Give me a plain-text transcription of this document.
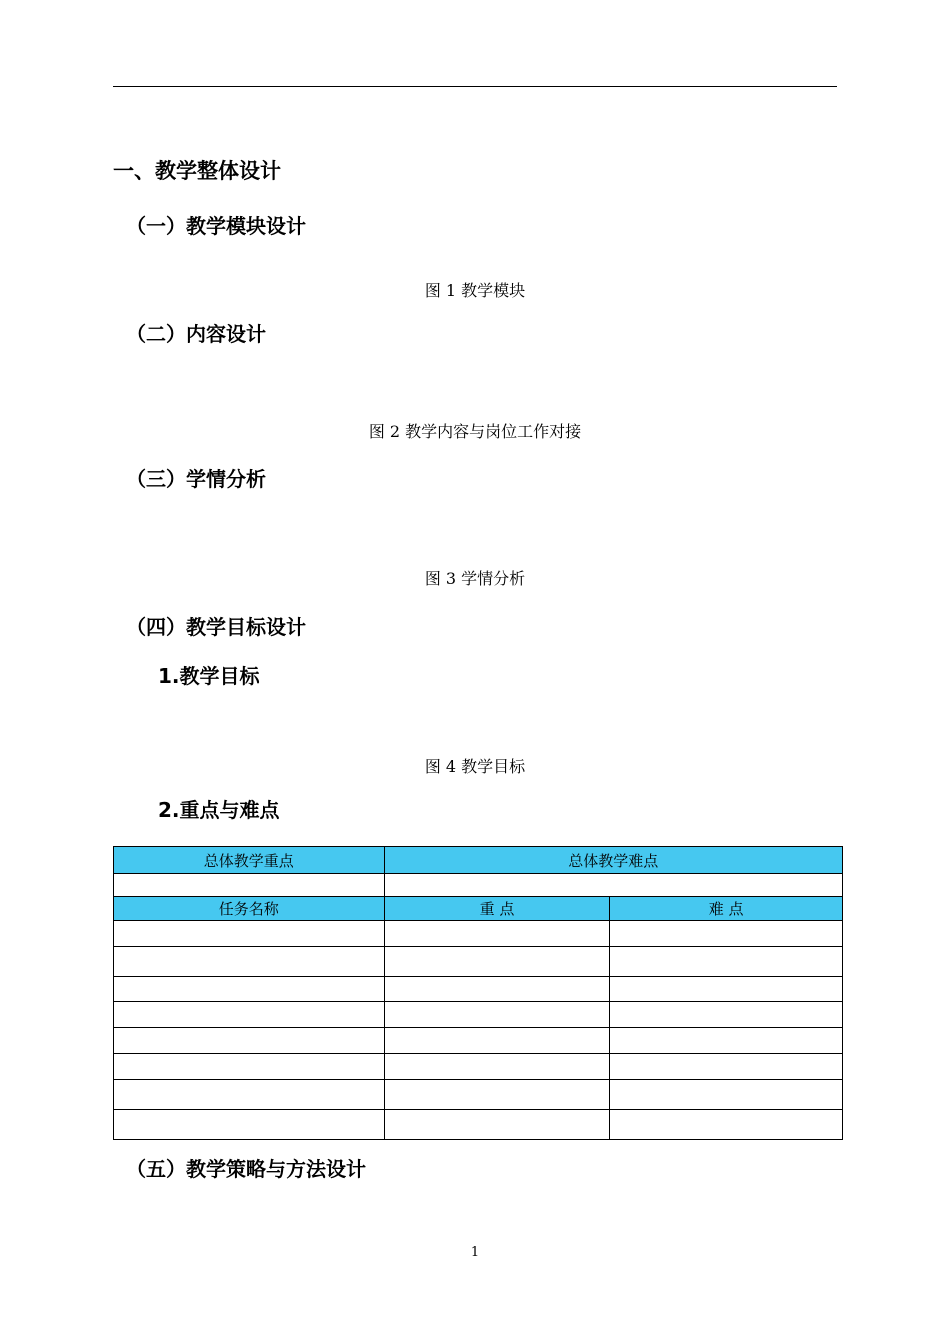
一、教学整体设计
（一）教学模块设计
图 1 教学模块
（二）内容设计
图 2 教学内容与岗位工作对接
（三）学情分析
图 3 学情分析
（四）教学目标设计
1.教学目标
图 4 教学目标
2.重点与难点
总体教学重点	总体教学难点	

任务名称	重 点	难 点

（五）教学策略与方法设计
1
